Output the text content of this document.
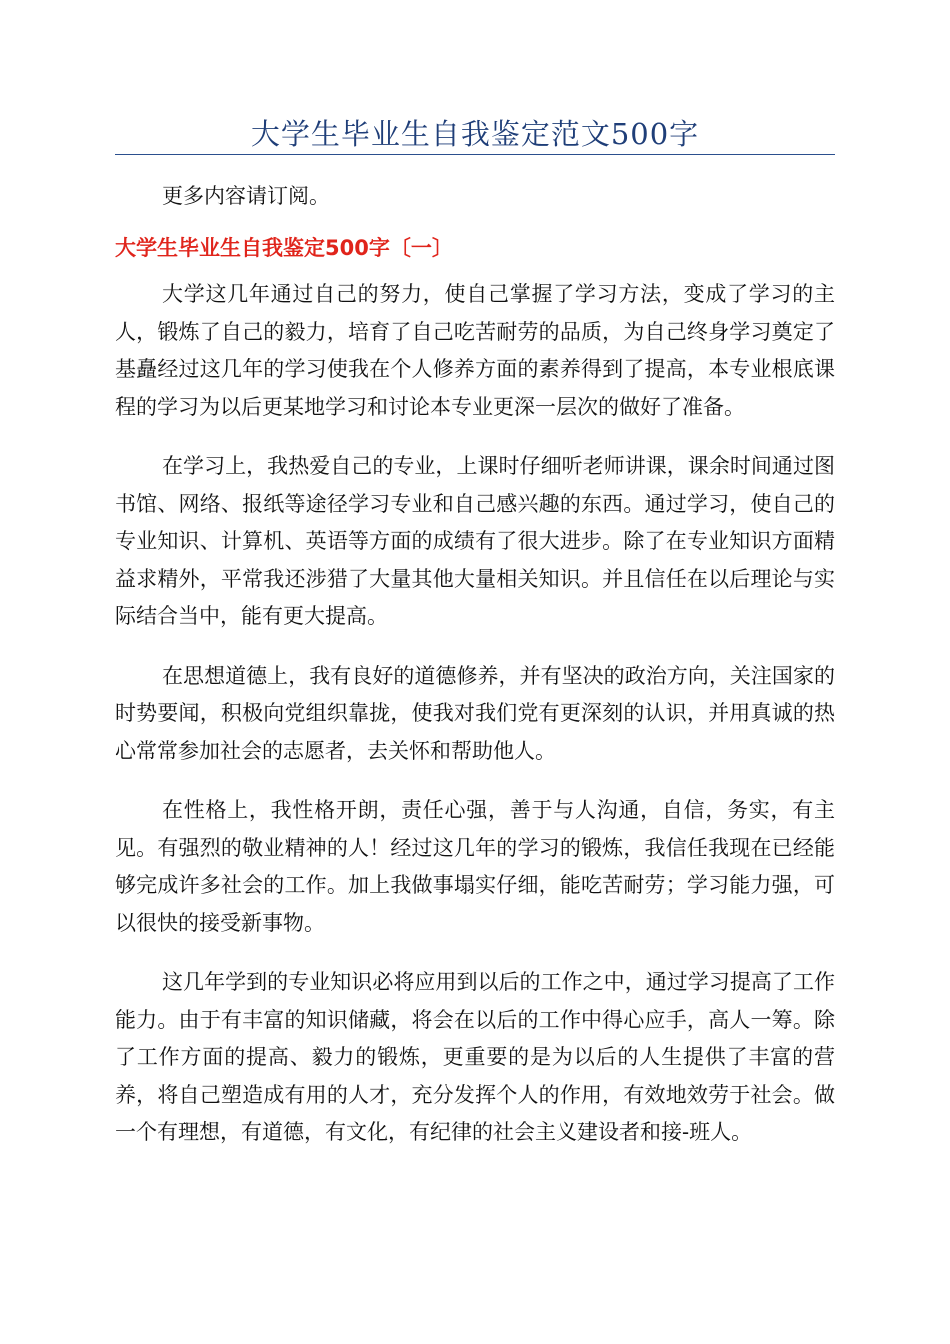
大学生毕业生自我鉴定范文500字
更多内容请订阅。
大学生毕业生自我鉴定500字〔一〕

大学这几年通过自己的努力，使自己掌握了学习方法，变成了学习的主人，锻炼了自己的毅力，培育了自己吃苦耐劳的品质，为自己终身学习奠定了基矗经过这几年的学习使我在个人修养方面的素养得到了提高，本专业根底课程的学习为以后更某地学习和讨论本专业更深一层次的做好了准备。

在学习上，我热爱自己的专业，上课时仔细听老师讲课，课余时间通过图书馆、网络、报纸等途径学习专业和自己感兴趣的东西。通过学习，使自己的专业知识、计算机、英语等方面的成绩有了很大进步。除了在专业知识方面精益求精外，平常我还涉猎了大量其他大量相关知识。并且信任在以后理论与实际结合当中，能有更大提高。

在思想道德上，我有良好的道德修养，并有坚决的政治方向，关注国家的时势要闻，积极向党组织靠拢，使我对我们党有更深刻的认识，并用真诚的热心常常参加社会的志愿者，去关怀和帮助他人。

在性格上，我性格开朗，责任心强，善于与人沟通，自信，务实，有主见。有强烈的敬业精神的人！经过这几年的学习的锻炼，我信任我现在已经能够完成许多社会的工作。加上我做事塌实仔细，能吃苦耐劳；学习能力强，可以很快的接受新事物。

这几年学到的专业知识必将应用到以后的工作之中，通过学习提高了工作能力。由于有丰富的知识储藏，将会在以后的工作中得心应手，高人一筹。除了工作方面的提高、毅力的锻炼，更重要的是为以后的人生提供了丰富的营养，将自己塑造成有用的人才，充分发挥个人的作用，有效地效劳于社会。做一个有理想，有道德，有文化，有纪律的社会主义建设者和接-班人。
